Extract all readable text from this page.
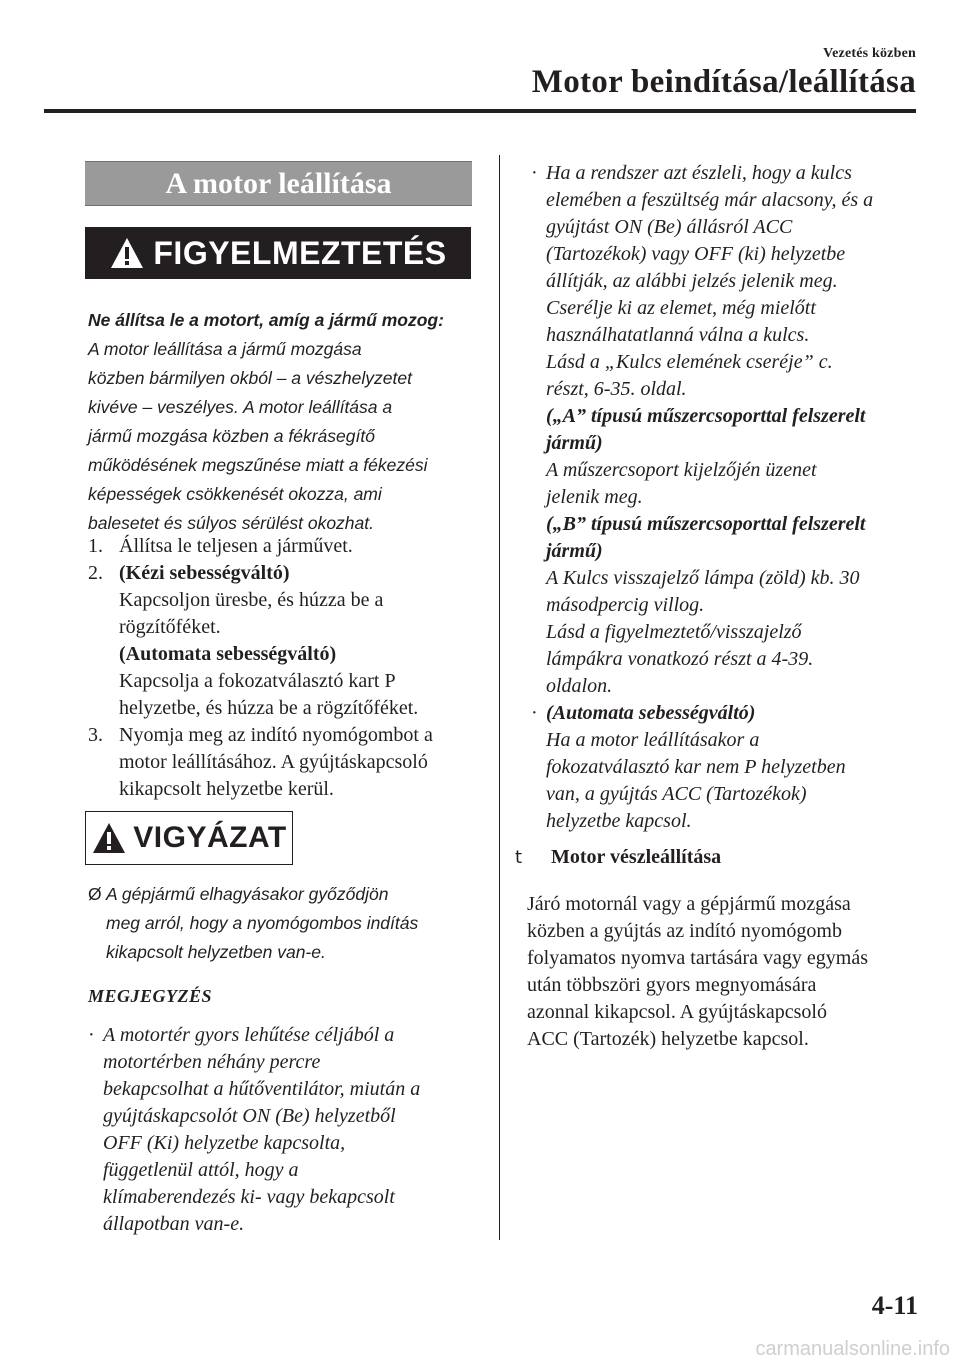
Vezetés közben
Motor beindítása/leállítása
A motor leállítása
FIGYELMEZTETÉS
Ne állítsa le a motort, amíg a jármű mozog:

A motor leállítása a jármű mozgása

közben bármilyen okból – a vészhelyzetet

kivéve – veszélyes. A motor leállítása a

jármű mozgása közben a fékrásegítő

működésének megszűnése miatt a fékezési

képességek csökkenését okozza, ami

balesetet és súlyos sérülést okozhat.

1. Állítsa le teljesen a járművet.
2. (Kézi sebességváltó)
Kapcsoljon üresbe, és húzza be a
rögzítőféket.
(Automata sebességváltó)
Kapcsolja a fokozatválasztó kart P
helyzetbe, és húzza be a rögzítőféket.
3. Nyomja meg az indító nyomógombot a
motor leállításához. A gyújtáskapcsoló
kikapcsolt helyzetbe kerül.
VIGYÁZAT
Ø A gépjármű elhagyásakor győződjön
meg arról, hogy a nyomógombos indítás
kikapcsolt helyzetben van-e.
MEGJEGYZÉS
· A motortér gyors lehűtése céljából a
motortérben néhány percre
bekapcsolhat a hűtőventilátor, miután a
gyújtáskapcsolót ON (Be) helyzetből
OFF (Ki) helyzetbe kapcsolta,
függetlenül attól, hogy a
klímaberendezés ki- vagy bekapcsolt
állapotban van-e.
· Ha a rendszer azt észleli, hogy a kulcs
elemében a feszültség már alacsony, és a
gyújtást ON (Be) állásról ACC
(Tartozékok) vagy OFF (ki) helyzetbe
állítják, az alábbi jelzés jelenik meg.
Cserélje ki az elemet, még mielőtt
használhatatlanná válna a kulcs.
Lásd a „Kulcs elemének cseréje” c.
részt, 6-35. oldal.
(„A” típusú műszercsoporttal felszerelt
jármű)
A műszercsoport kijelzőjén üzenet
jelenik meg.
(„B” típusú műszercsoporttal felszerelt
jármű)
A Kulcs visszajelző lámpa (zöld) kb. 30
másodpercig villog.
Lásd a figyelmeztető/visszajelző
lámpákra vonatkozó részt a 4-39.
oldalon.
· (Automata sebességváltó)
Ha a motor leállításakor a
fokozatválasztó kar nem P helyzetben
van, a gyújtás ACC (Tartozékok)
helyzetbe kapcsol.
t Motor vészleállítása
Járó motornál vagy a gépjármű mozgása
közben a gyújtás az indító nyomógomb
folyamatos nyomva tartására vagy egymás
után többszöri gyors megnyomására
azonnal kikapcsol. A gyújtáskapcsoló
ACC (Tartozék) helyzetbe kapcsol.
4-11
carmanualsonline.info
